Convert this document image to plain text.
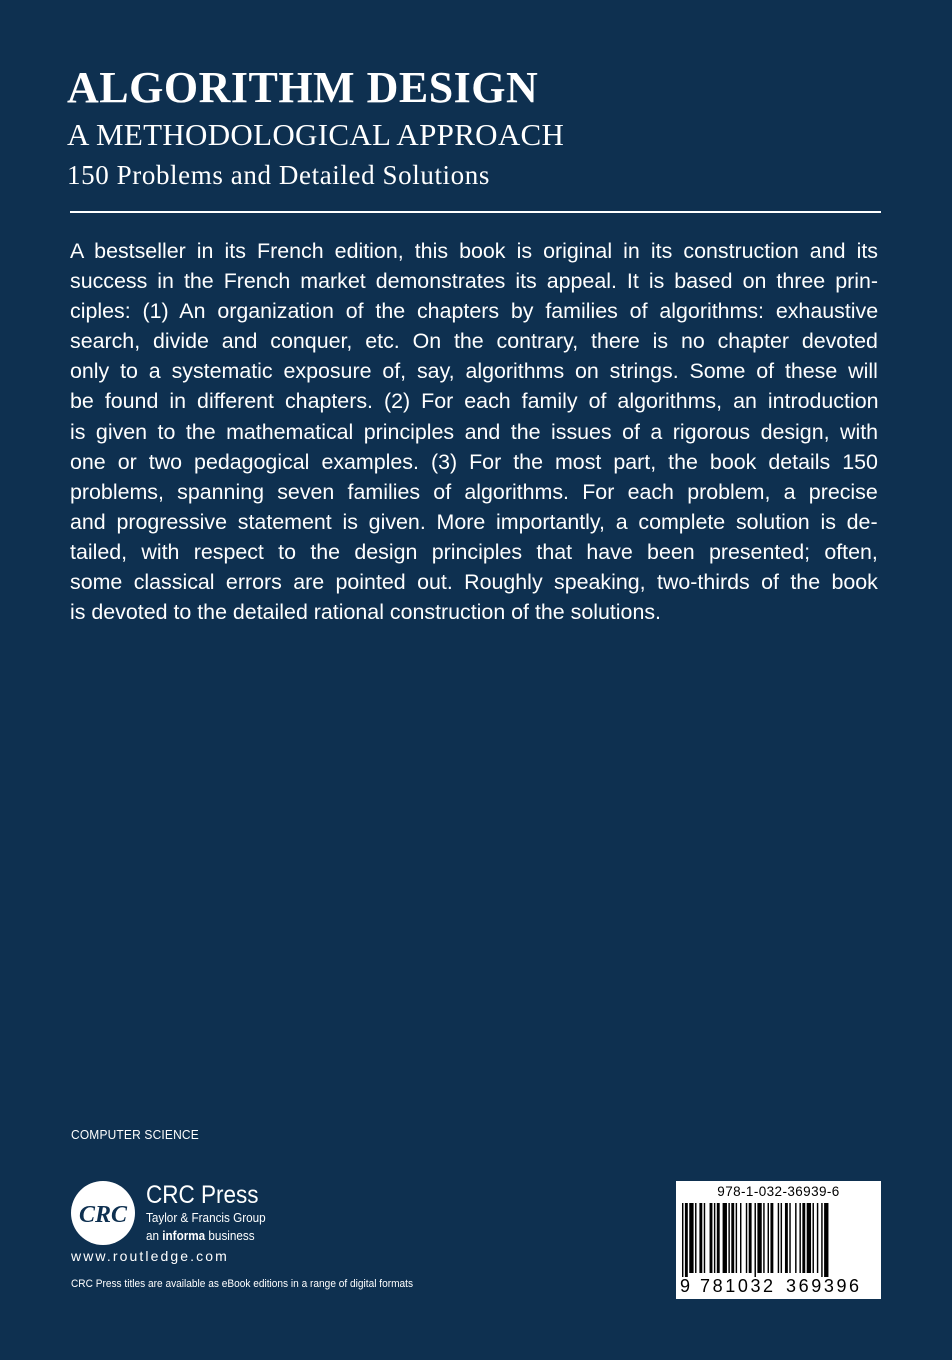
ALGORITHM DESIGN
A METHODOLOGICAL APPROACH
150 Problems and Detailed Solutions
A bestseller in its French edition, this book is original in its construction and its
success in the French market demonstrates its appeal. It is based on three prin-
ciples: (1) An organization of the chapters by families of algorithms: exhaustive
search, divide and conquer, etc. On the contrary, there is no chapter devoted
only to a systematic exposure of, say, algorithms on strings. Some of these will
be found in different chapters. (2) For each family of algorithms, an introduction
is given to the mathematical principles and the issues of a rigorous design, with
one or two pedagogical examples. (3) For the most part, the book details 150
problems, spanning seven families of algorithms. For each problem, a precise
and progressive statement is given. More importantly, a complete solution is de-
tailed, with respect to the design principles that have been presented; often,
some classical errors are pointed out. Roughly speaking, two-thirds of the book
is devoted to the detailed rational construction of the solutions.
COMPUTER SCIENCE
CRC
CRC Press
Taylor & Francis Group
an informa business
www.routledge.com
CRC Press titles are available as eBook editions in a range of digital formats
978-1-032-36939-6
9 781032 369396
